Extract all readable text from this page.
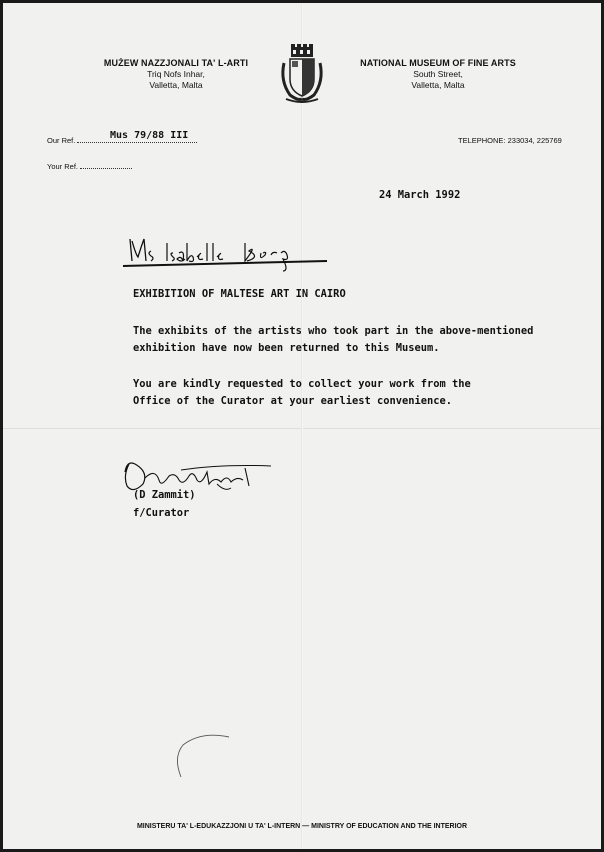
MUŻEW NAZZJONALI TA' L-ARTI
Triq Nofs Inhar,
Valletta, Malta
NATIONAL MUSEUM OF FINE ARTS
South Street,
Valletta, Malta
Our Ref.	Mus 79/88 III
Your Ref.
TELEPHONE: 233034, 225769
24 March 1992
EXHIBITION OF MALTESE ART IN CAIRO
The exhibits of the artists who took part in the above-mentioned
exhibition have now been returned to this Museum.
You are kindly requested to collect your work from the
Office of the Curator at your earliest convenience.
(D Zammit)
f/Curator
MINISTERU TA' L-EDUKAZZJONI U TA' L-INTERN — MINISTRY OF EDUCATION AND THE INTERIOR
